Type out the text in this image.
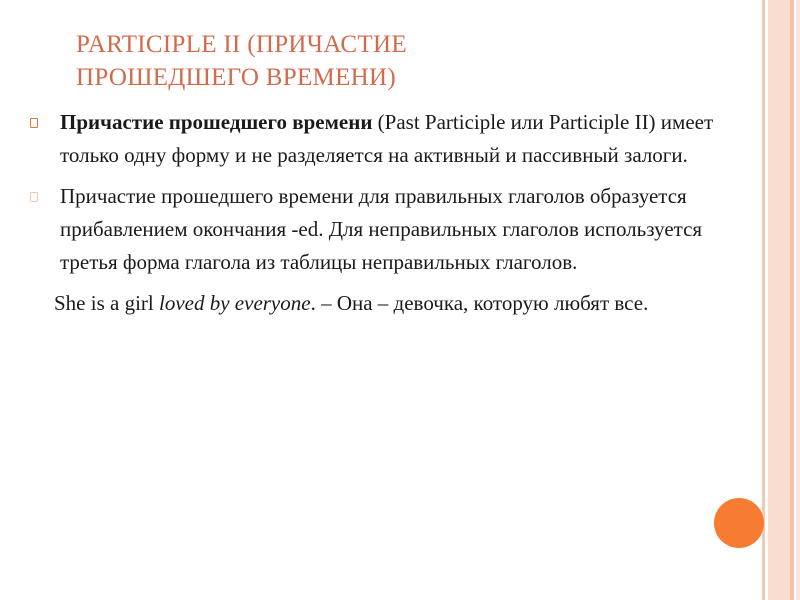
PARTICIPLE II (ПРИЧАСТИЕ
ПРОШЕДШЕГО ВРЕМЕНИ)

Причастие прошедшего времени (Past Participle или Participle II) имеет только одну форму и не разделяется на активный и пассивный залоги.

Причастие прошедшего времени для правильных глаголов образуется прибавлением окончания -ed. Для неправильных глаголов используется третья форма глагола из таблицы неправильных глаголов.

She is a girl loved by everyone. – Она – девочка, которую любят все.
